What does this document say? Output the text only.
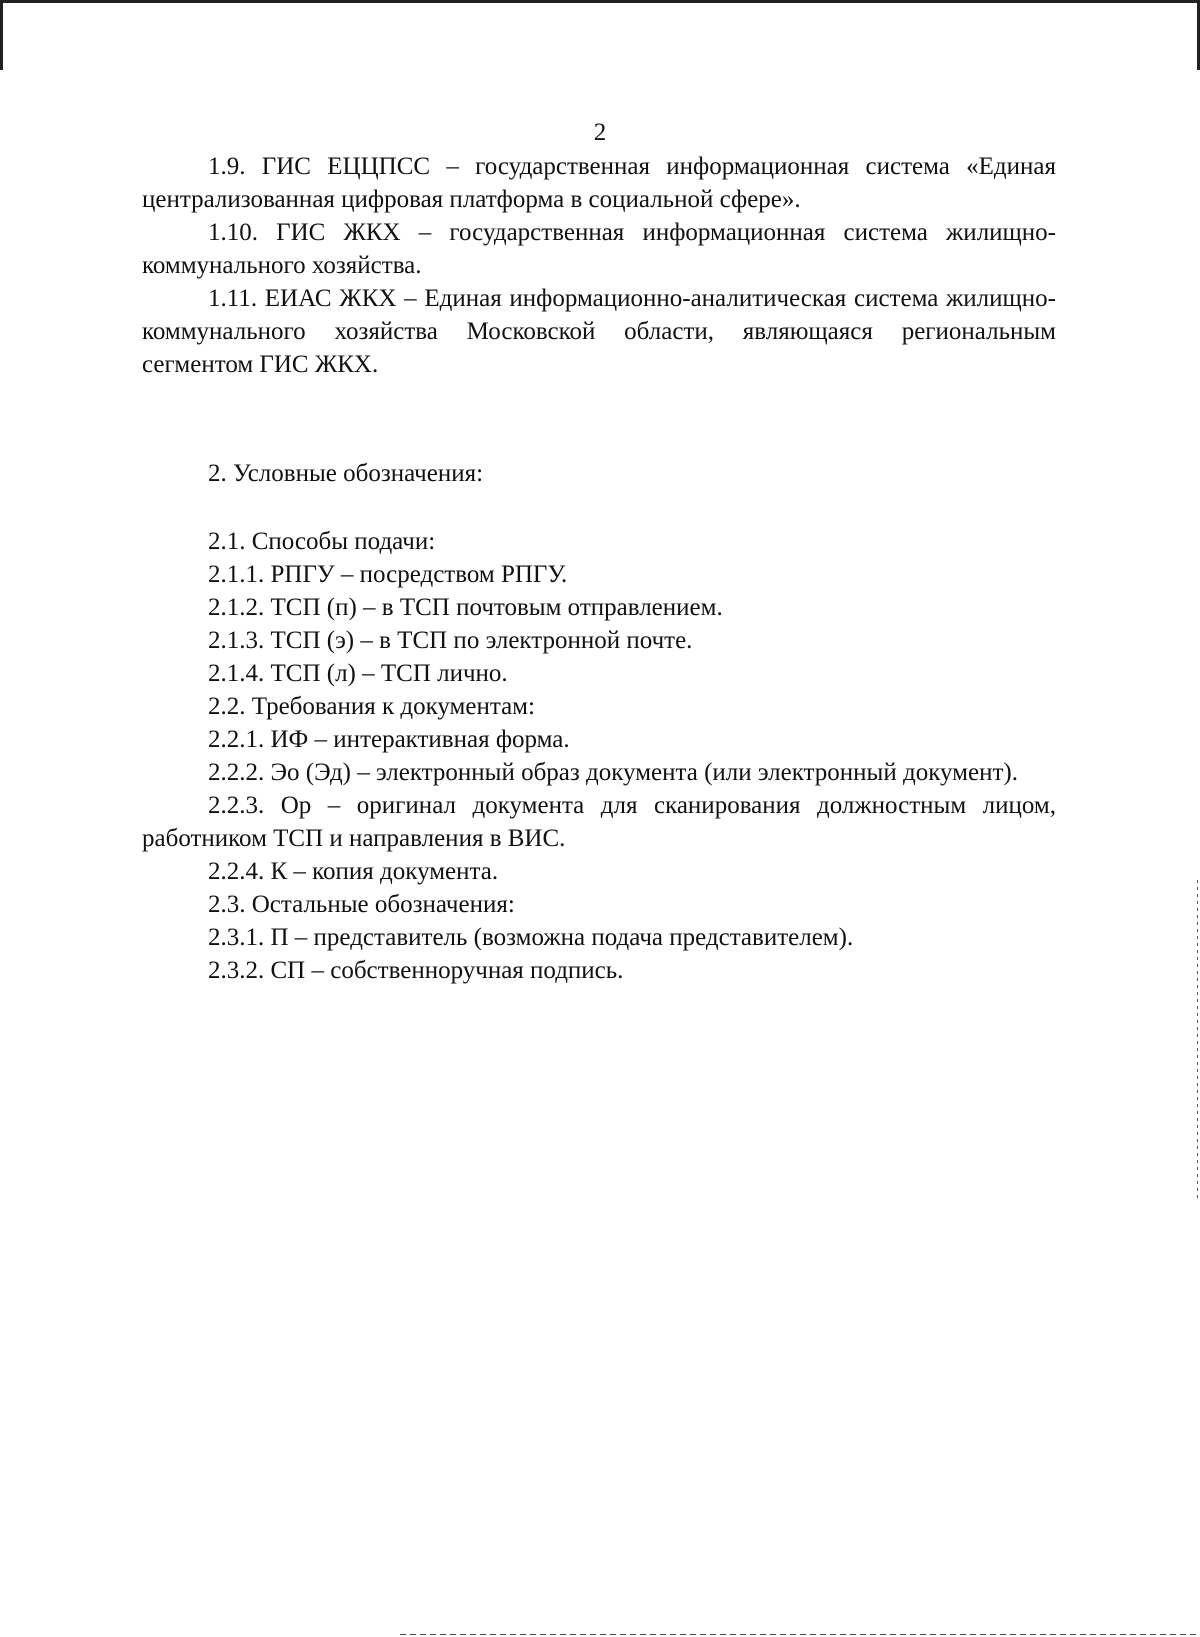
2

1.9. ГИС ЕЦЦПСС – государственная информационная система «Единая централизованная цифровая платформа в социальной сфере».

1.10. ГИС ЖКХ – государственная информационная система жилищно-коммунального хозяйства.

1.11. ЕИАС ЖКХ – Единая информационно-аналитическая система жилищно-коммунального хозяйства Московской области, являющаяся региональным сегментом ГИС ЖКХ.

2. Условные обозначения:

2.1. Способы подачи:

2.1.1. РПГУ – посредством РПГУ.

2.1.2. ТСП (п) – в ТСП почтовым отправлением.

2.1.3. ТСП (э) – в ТСП по электронной почте.

2.1.4. ТСП (л) – ТСП лично.

2.2. Требования к документам:

2.2.1. ИФ – интерактивная форма.

2.2.2. Эо (Эд) – электронный образ документа (или электронный документ).

2.2.3. Ор – оригинал документа для сканирования должностным лицом, работником ТСП и направления в ВИС.

2.2.4. К – копия документа.

2.3. Остальные обозначения:

2.3.1. П – представитель (возможна подача представителем).

2.3.2. СП – собственноручная подпись.
